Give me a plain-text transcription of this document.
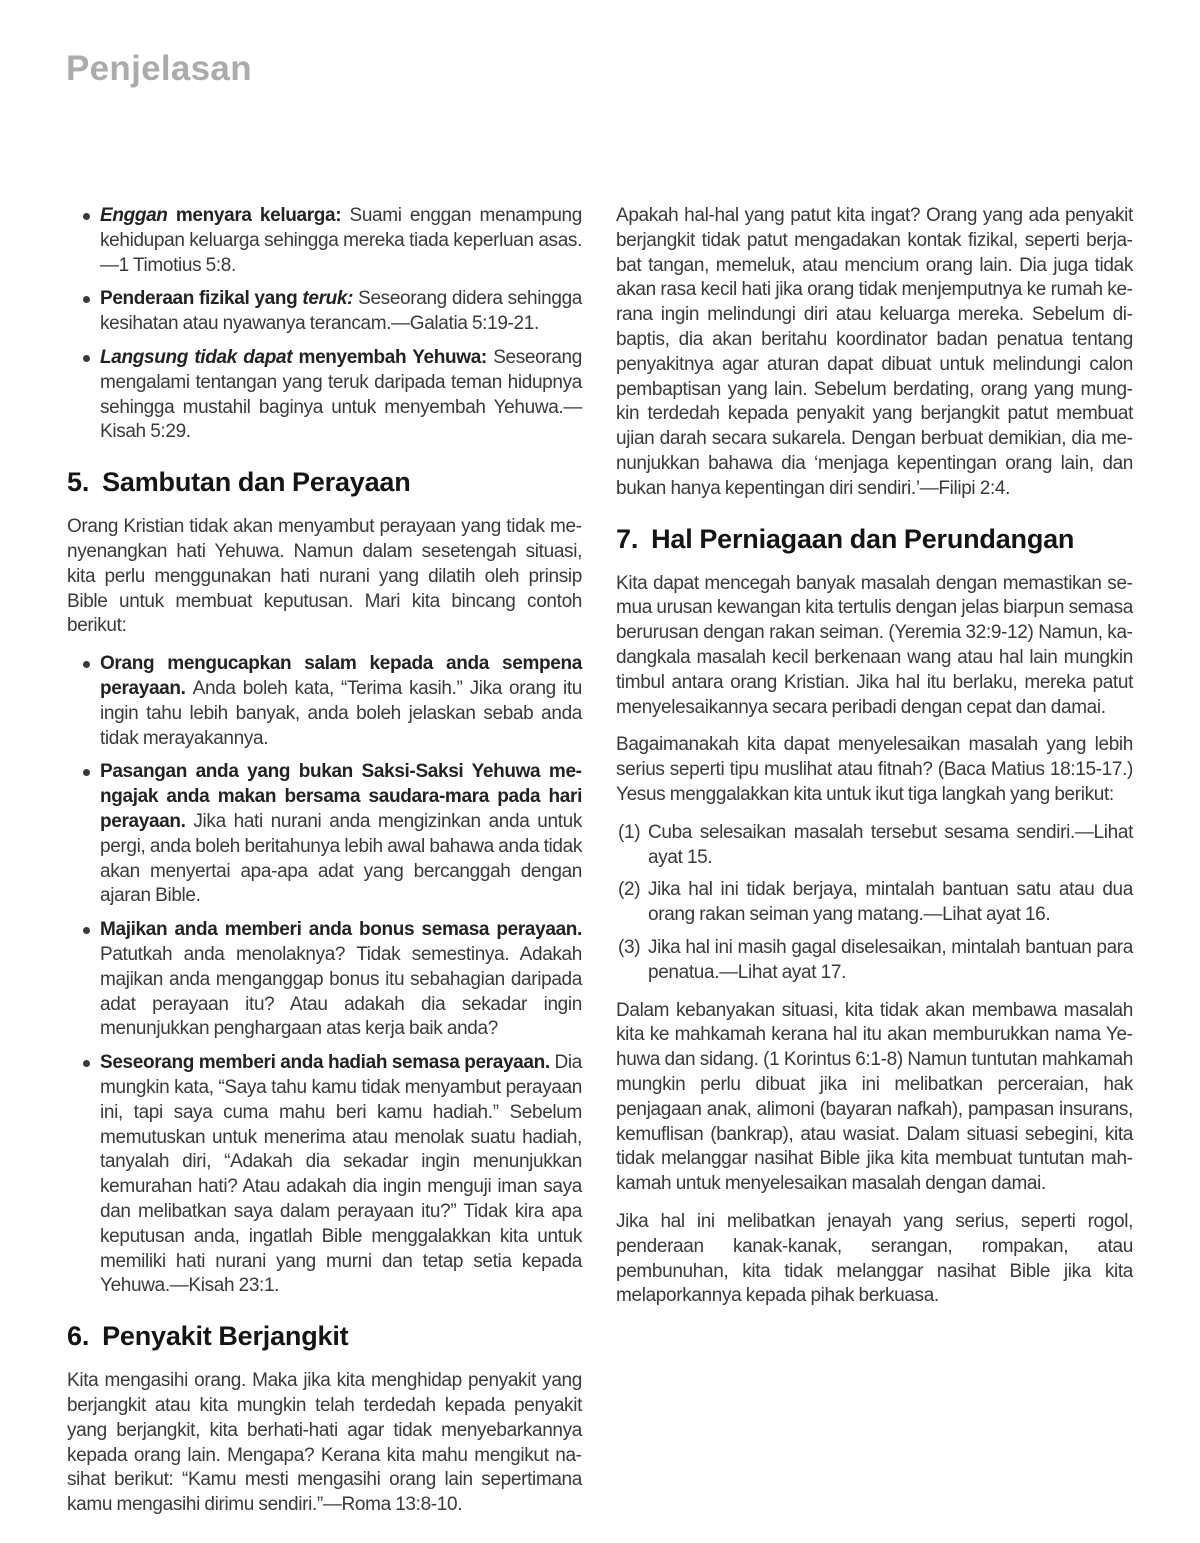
Penjelasan
Enggan menyara keluarga: Suami enggan menampung kehidupan keluarga sehingga mereka tiada keperluan asas.—1 Timotius 5:8.
Penderaan fizikal yang teruk: Seseorang didera sehingga kesihatan atau nyawanya terancam.—Galatia 5:19-21.
Langsung tidak dapat menyembah Yehuwa: Seseorang mengalami tentangan yang teruk daripada teman hidupnya sehingga mustahil baginya untuk menyembah Yehuwa.—Kisah 5:29.
5. Sambutan dan Perayaan

Orang Kristian tidak akan menyambut perayaan yang tidak menyenangkan hati Yehuwa. Namun dalam sesetengah situasi, kita perlu menggunakan hati nurani yang dilatih oleh prinsip Bible untuk membuat keputusan. Mari kita bincang contoh berikut:

Orang mengucapkan salam kepada anda sempena perayaan. Anda boleh kata, “Terima kasih.” Jika orang itu ingin tahu lebih banyak, anda boleh jelaskan sebab anda tidak merayakannya.
Pasangan anda yang bukan Saksi-Saksi Yehuwa mengajak anda makan bersama saudara-mara pada hari perayaan. Jika hati nurani anda mengizinkan anda untuk pergi, anda boleh beritahunya lebih awal bahawa anda tidak akan menyertai apa-apa adat yang bercanggah dengan ajaran Bible.
Majikan anda memberi anda bonus semasa perayaan. Patutkah anda menolaknya? Tidak semestinya. Adakah majikan anda menganggap bonus itu sebahagian daripada adat perayaan itu? Atau adakah dia sekadar ingin menunjukkan penghargaan atas kerja baik anda?
Seseorang memberi anda hadiah semasa perayaan. Dia mungkin kata, “Saya tahu kamu tidak menyambut perayaan ini, tapi saya cuma mahu beri kamu hadiah.” Sebelum memutuskan untuk menerima atau menolak suatu hadiah, tanyalah diri, “Adakah dia sekadar ingin menunjukkan kemurahan hati? Atau adakah dia ingin menguji iman saya dan melibatkan saya dalam perayaan itu?” Tidak kira apa keputusan anda, ingatlah Bible menggalakkan kita untuk memiliki hati nurani yang murni dan tetap setia kepada Yehuwa.—Kisah 23:1.
6. Penyakit Berjangkit

Kita mengasihi orang. Maka jika kita menghidap penyakit yang berjangkit atau kita mungkin telah terdedah kepada penyakit yang berjangkit, kita berhati-hati agar tidak menyebarkannya kepada orang lain. Mengapa? Kerana kita mahu mengikut nasihat berikut: “Kamu mesti mengasihi orang lain sepertimana kamu mengasihi dirimu sendiri.”—Roma 13:8-10.

Apakah hal-hal yang patut kita ingat? Orang yang ada penyakit berjangkit tidak patut mengadakan kontak fizikal, seperti berjabat tangan, memeluk, atau mencium orang lain. Dia juga tidak akan rasa kecil hati jika orang tidak menjemputnya ke rumah kerana ingin melindungi diri atau keluarga mereka. Sebelum dibaptis, dia akan beritahu koordinator badan penatua tentang penyakitnya agar aturan dapat dibuat untuk melindungi calon pembaptisan yang lain. Sebelum berdating, orang yang mungkin terdedah kepada penyakit yang berjangkit patut membuat ujian darah secara sukarela. Dengan berbuat demikian, dia menunjukkan bahawa dia ‘menjaga kepentingan orang lain, dan bukan hanya kepentingan diri sendiri.’—Filipi 2:4.

7. Hal Perniagaan dan Perundangan

Kita dapat mencegah banyak masalah dengan memastikan semua urusan kewangan kita tertulis dengan jelas biarpun semasa berurusan dengan rakan seiman. (Yeremia 32:9-12) Namun, kadangkala masalah kecil berkenaan wang atau hal lain mungkin timbul antara orang Kristian. Jika hal itu berlaku, mereka patut menyelesaikannya secara peribadi dengan cepat dan damai.

Bagaimanakah kita dapat menyelesaikan masalah yang lebih serius seperti tipu muslihat atau fitnah? (Baca Matius 18:15-17.) Yesus menggalakkan kita untuk ikut tiga langkah yang berikut:

(1) Cuba selesaikan masalah tersebut sesama sendiri.—Lihat ayat 15.
(2) Jika hal ini tidak berjaya, mintalah bantuan satu atau dua orang rakan seiman yang matang.—Lihat ayat 16.
(3) Jika hal ini masih gagal diselesaikan, mintalah bantuan para penatua.—Lihat ayat 17.

Dalam kebanyakan situasi, kita tidak akan membawa masalah kita ke mahkamah kerana hal itu akan memburukkan nama Yehuwa dan sidang. (1 Korintus 6:1-8) Namun tuntutan mahkamah mungkin perlu dibuat jika ini melibatkan perceraian, hak penjagaan anak, alimoni (bayaran nafkah), pampasan insurans, kemuflisan (bankrap), atau wasiat. Dalam situasi sebegini, kita tidak melanggar nasihat Bible jika kita membuat tuntutan mahkamah untuk menyelesaikan masalah dengan damai.

Jika hal ini melibatkan jenayah yang serius, seperti rogol, penderaan kanak-kanak, serangan, rompakan, atau pembunuhan, kita tidak melanggar nasihat Bible jika kita melaporkannya kepada pihak berkuasa.
